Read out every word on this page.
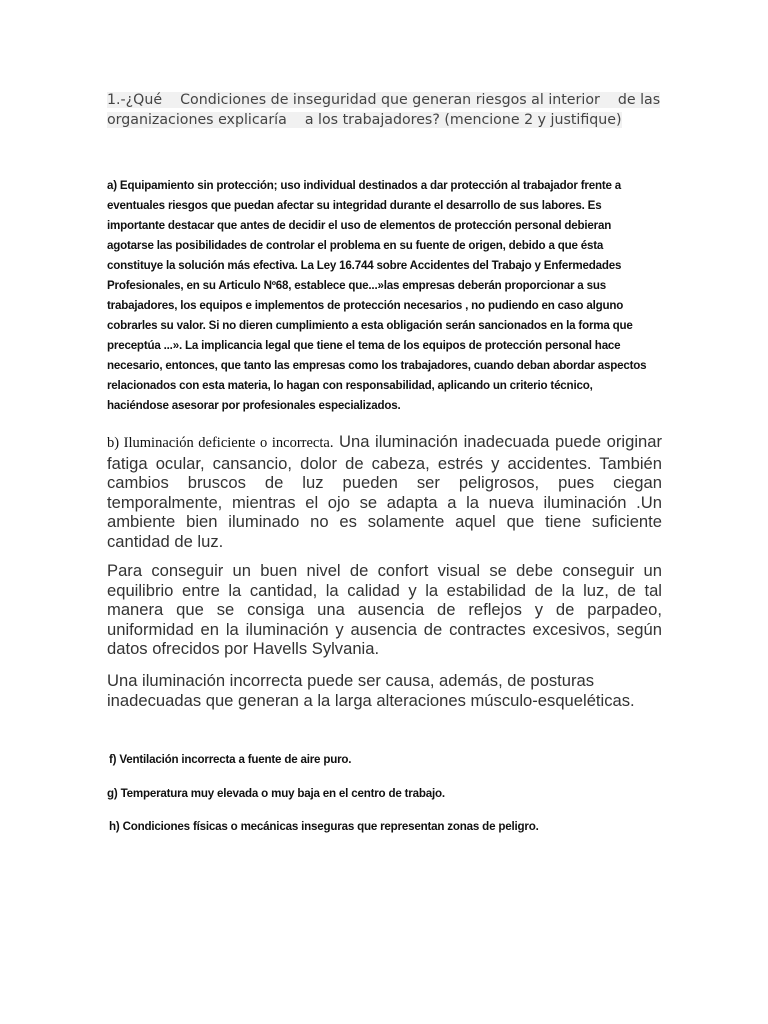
1.-¿Qué    Condiciones de inseguridad que generan riesgos al interior    de las
organizaciones explicaría    a los trabajadores? (mencione 2 y justifique)

a) Equipamiento sin protección; uso individual destinados a dar protección al trabajador frente a eventuales riesgos que puedan afectar su integridad durante el desarrollo de sus labores. Es importante destacar que antes de decidir el uso de elementos de protección personal debieran agotarse las posibilidades de controlar el problema en su fuente de origen, debido a que ésta constituye la solución más efectiva. La Ley 16.744 sobre Accidentes del Trabajo y Enfermedades Profesionales, en su Articulo Nº68, establece que...»las empresas deberán proporcionar a sus trabajadores, los equipos e implementos de protección necesarios , no pudiendo en caso alguno cobrarles su valor. Si no dieren cumplimiento a esta obligación serán sancionados en la forma que preceptúa ...». La implicancia legal que tiene el tema de los equipos de protección personal hace necesario, entonces, que tanto las empresas como los trabajadores, cuando deban abordar aspectos relacionados con esta materia, lo hagan con responsabilidad, aplicando un criterio técnico, haciéndose asesorar por profesionales especializados.

b) Iluminación deficiente o incorrecta. Una iluminación inadecuada puede originar fatiga ocular, cansancio, dolor de cabeza, estrés y accidentes. También cambios bruscos de luz pueden ser peligrosos, pues ciegan temporalmente, mientras el ojo se adapta a la nueva iluminación .Un ambiente bien iluminado no es solamente aquel que tiene suficiente cantidad de luz.

Para conseguir un buen nivel de confort visual se debe conseguir un equilibrio entre la cantidad, la calidad y la estabilidad de la luz, de tal manera que se consiga una ausencia de reflejos y de parpadeo, uniformidad en la iluminación y ausencia de contractes excesivos, según datos ofrecidos por Havells Sylvania.

Una iluminación incorrecta puede ser causa, además, de posturas inadecuadas que generan a la larga alteraciones músculo-esqueléticas.

f) Ventilación incorrecta a fuente de aire puro.

g) Temperatura muy elevada o muy baja en el centro de trabajo.

h) Condiciones físicas o mecánicas inseguras que representan zonas de peligro.
